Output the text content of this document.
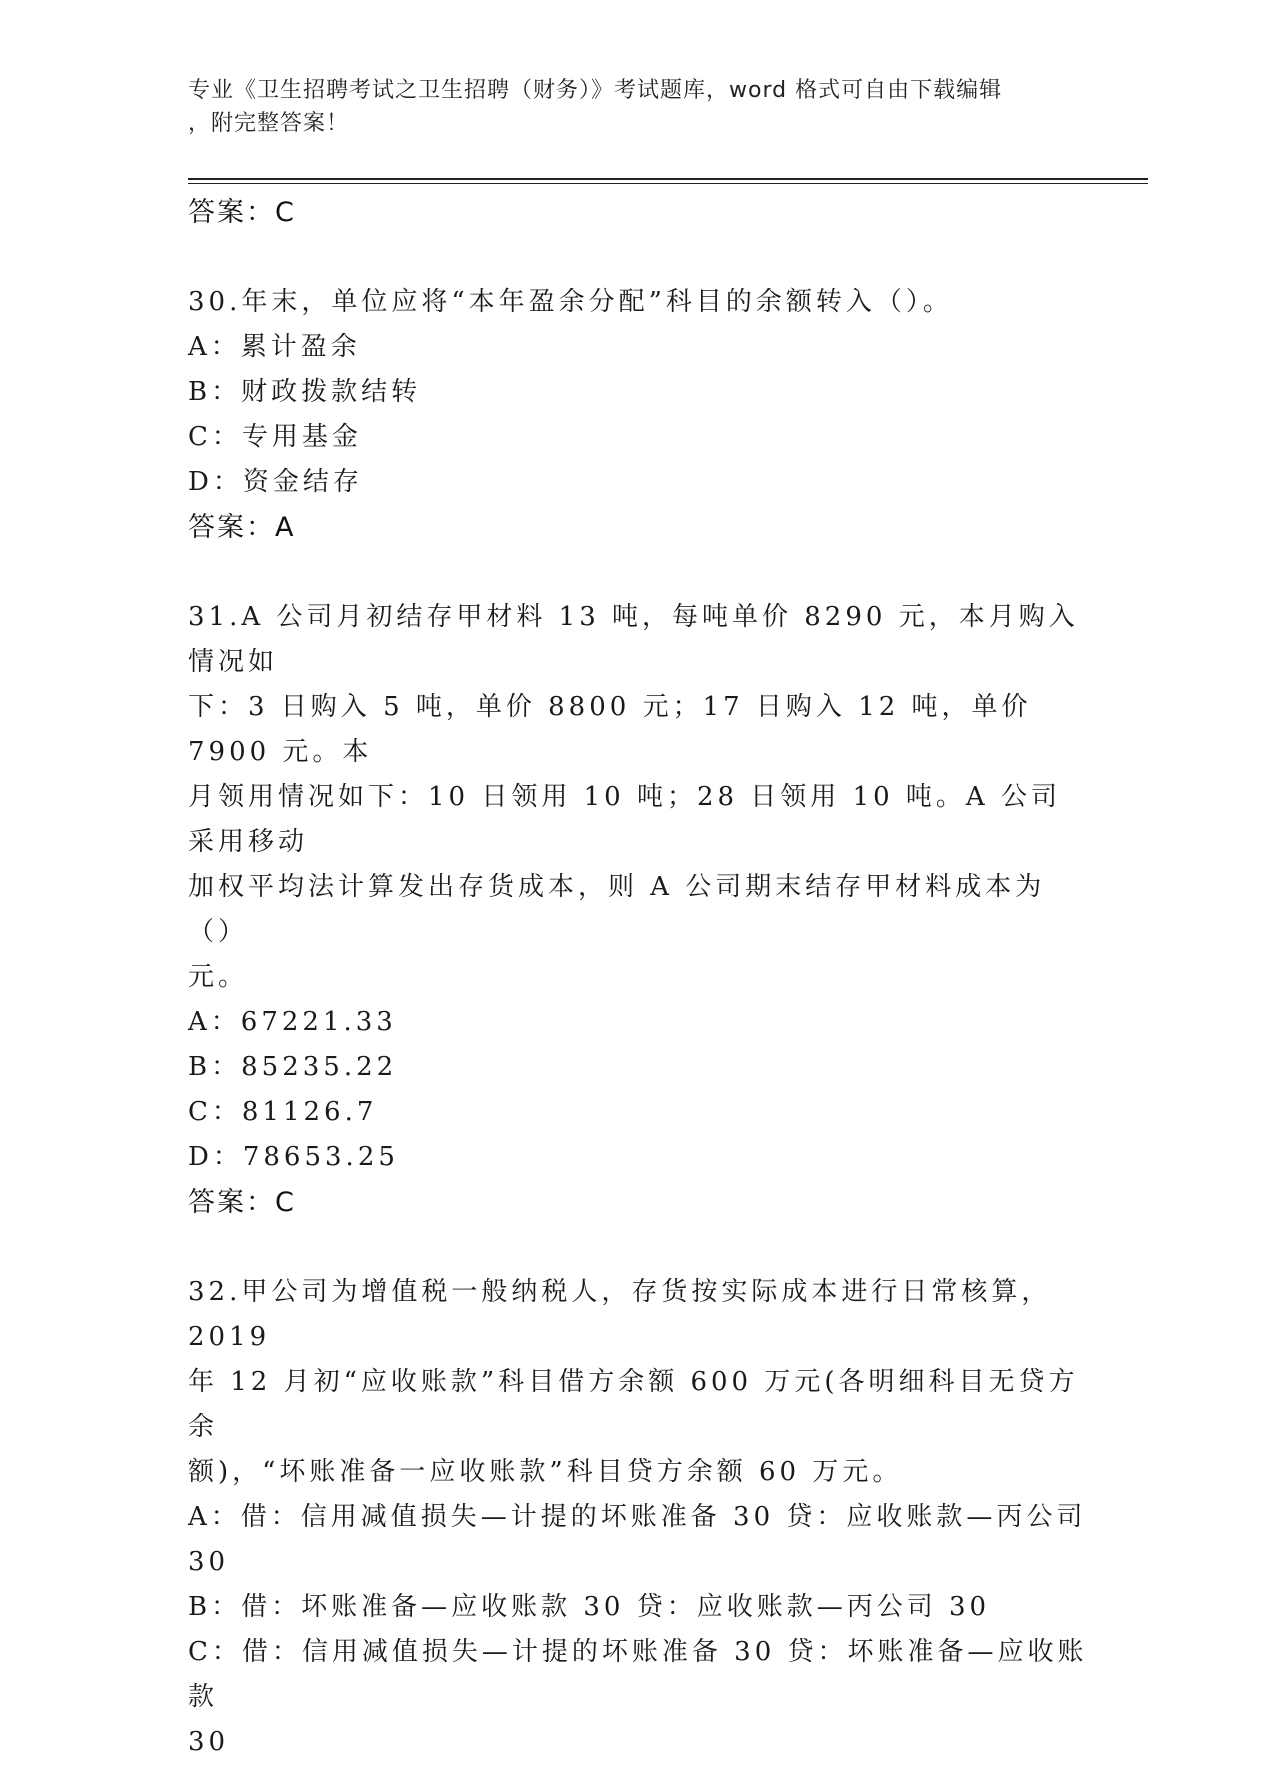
专业《卫生招聘考试之卫生招聘（财务）》考试题库，word 格式可自由下载编辑
，附完整答案！
答案：C
30.年末，单位应将“本年盈余分配”科目的余额转入（）。
A：累计盈余
B：财政拨款结转
C：专用基金
D：资金结存
答案：A
31.A 公司月初结存甲材料 13 吨，每吨单价 8290 元，本月购入情况如
下：3 日购入 5 吨，单价 8800 元；17 日购入 12 吨，单价 7900 元。本
月领用情况如下：10 日领用 10 吨；28 日领用 10 吨。A 公司采用移动
加权平均法计算发出存货成本，则 A 公司期末结存甲材料成本为（）
元。
A：67221.33
B：85235.22
C：81126.7
D：78653.25
答案：C
32.甲公司为增值税一般纳税人，存货按实际成本进行日常核算，2019
年 12 月初“应收账款”科目借方余额 600 万元(各明细科目无贷方余
额)，“坏账准备一应收账款”科目贷方余额 60 万元。
A：借：信用减值损失—计提的坏账准备 30 贷：应收账款—丙公司 30
B：借：坏账准备—应收账款 30 贷：应收账款—丙公司 30
C：借：信用减值损失—计提的坏账准备 30 贷：坏账准备—应收账款
30
